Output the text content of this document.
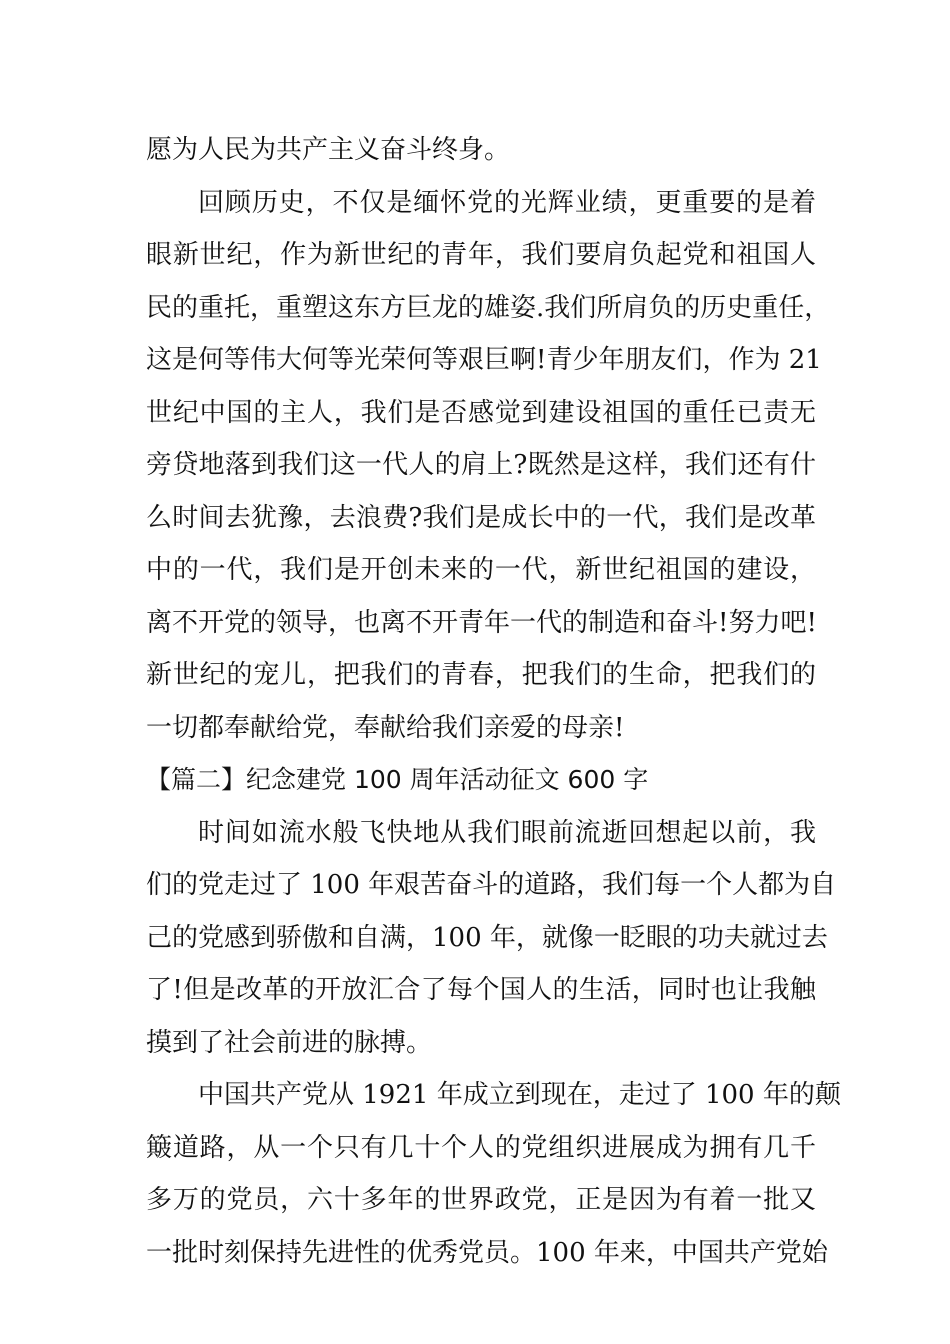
愿为人民为共产主义奋斗终身。
回顾历史，不仅是缅怀党的光辉业绩，更重要的是着
眼新世纪，作为新世纪的青年，我们要肩负起党和祖国人
民的重托，重塑这东方巨龙的雄姿.我们所肩负的历史重任，
这是何等伟大何等光荣何等艰巨啊!青少年朋友们，作为 21
世纪中国的主人，我们是否感觉到建设祖国的重任已责无
旁贷地落到我们这一代人的肩上?既然是这样，我们还有什
么时间去犹豫，去浪费?我们是成长中的一代，我们是改革
中的一代，我们是开创未来的一代，新世纪祖国的建设，
离不开党的领导，也离不开青年一代的制造和奋斗!努力吧!
新世纪的宠儿，把我们的青春，把我们的生命，把我们的
一切都奉献给党，奉献给我们亲爱的母亲!
【篇二】纪念建党 100 周年活动征文 600 字
时间如流水般飞快地从我们眼前流逝回想起以前，我
们的党走过了 100 年艰苦奋斗的道路，我们每一个人都为自
己的党感到骄傲和自满，100 年，就像一眨眼的功夫就过去
了!但是改革的开放汇合了每个国人的生活，同时也让我触
摸到了社会前进的脉搏。
中国共产党从 1921 年成立到现在，走过了 100 年的颠
簸道路，从一个只有几十个人的党组织进展成为拥有几千
多万的党员，六十多年的世界政党，正是因为有着一批又
一批时刻保持先进性的优秀党员。100 年来，中国共产党始
